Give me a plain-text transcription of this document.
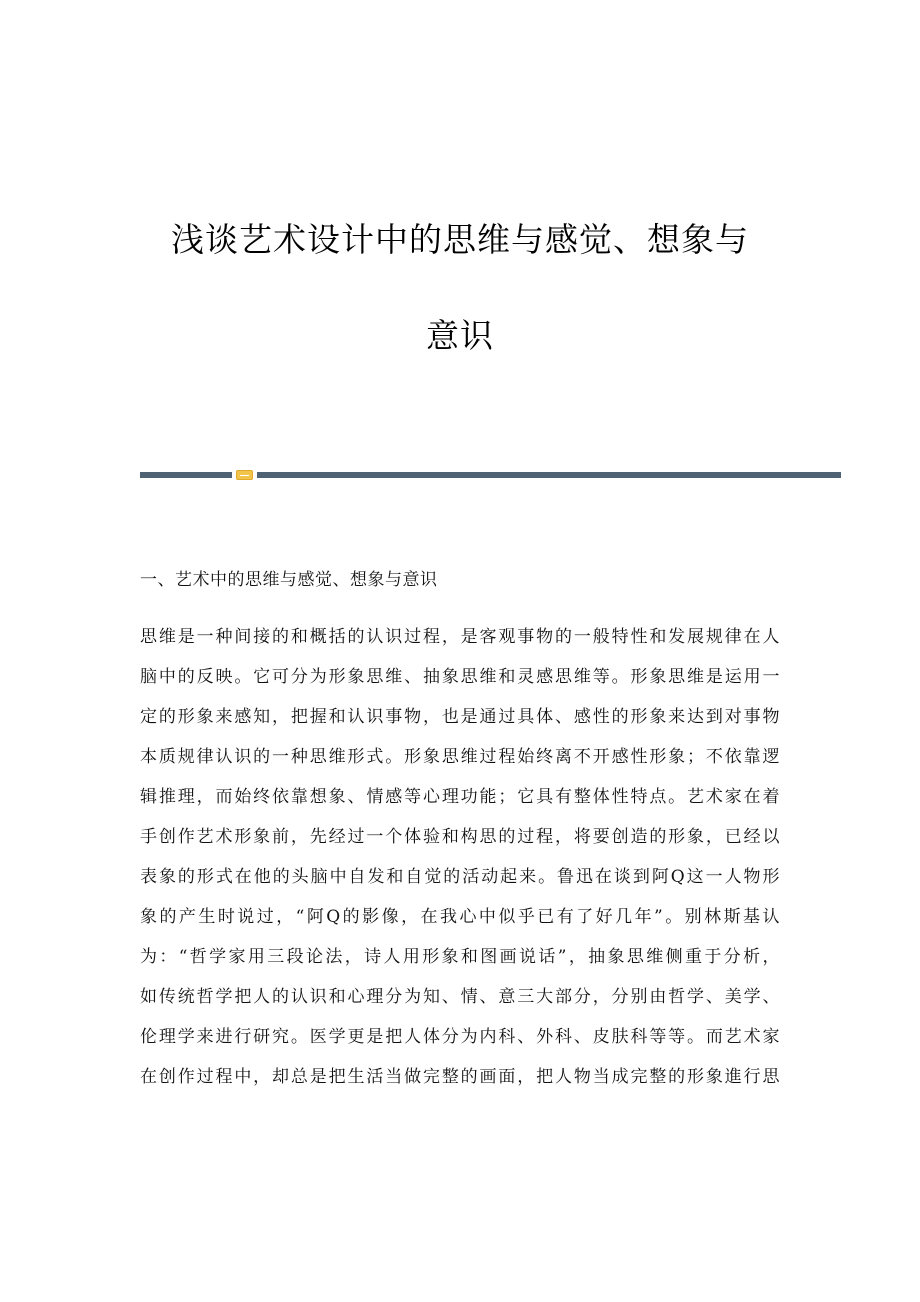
浅谈艺术设计中的思维与感觉、想象与
意识
一、艺术中的思维与感觉、想象与意识
思维是一种间接的和概括的认识过程，是客观事物的一般特性和发展规律在人
脑中的反映。它可分为形象思维、抽象思维和灵感思维等。形象思维是运用一
定的形象来感知，把握和认识事物，也是通过具体、感性的形象来达到对事物
本质规律认识的一种思维形式。形象思维过程始终离不开感性形象；不依靠逻
辑推理，而始终依靠想象、情感等心理功能；它具有整体性特点。艺术家在着
手创作艺术形象前，先经过一个体验和构思的过程，将要创造的形象，已经以
表象的形式在他的头脑中自发和自觉的活动起来。鲁迅在谈到阿Q这一人物形
象的产生时说过，“阿Q的影像，在我心中似乎已有了好几年”。别林斯基认
为：“哲学家用三段论法，诗人用形象和图画说话”，抽象思维侧重于分析，
如传统哲学把人的认识和心理分为知、情、意三大部分，分别由哲学、美学、
伦理学来进行研究。医学更是把人体分为内科、外科、皮肤科等等。而艺术家
在创作过程中，却总是把生活当做完整的画面，把人物当成完整的形象進行思
